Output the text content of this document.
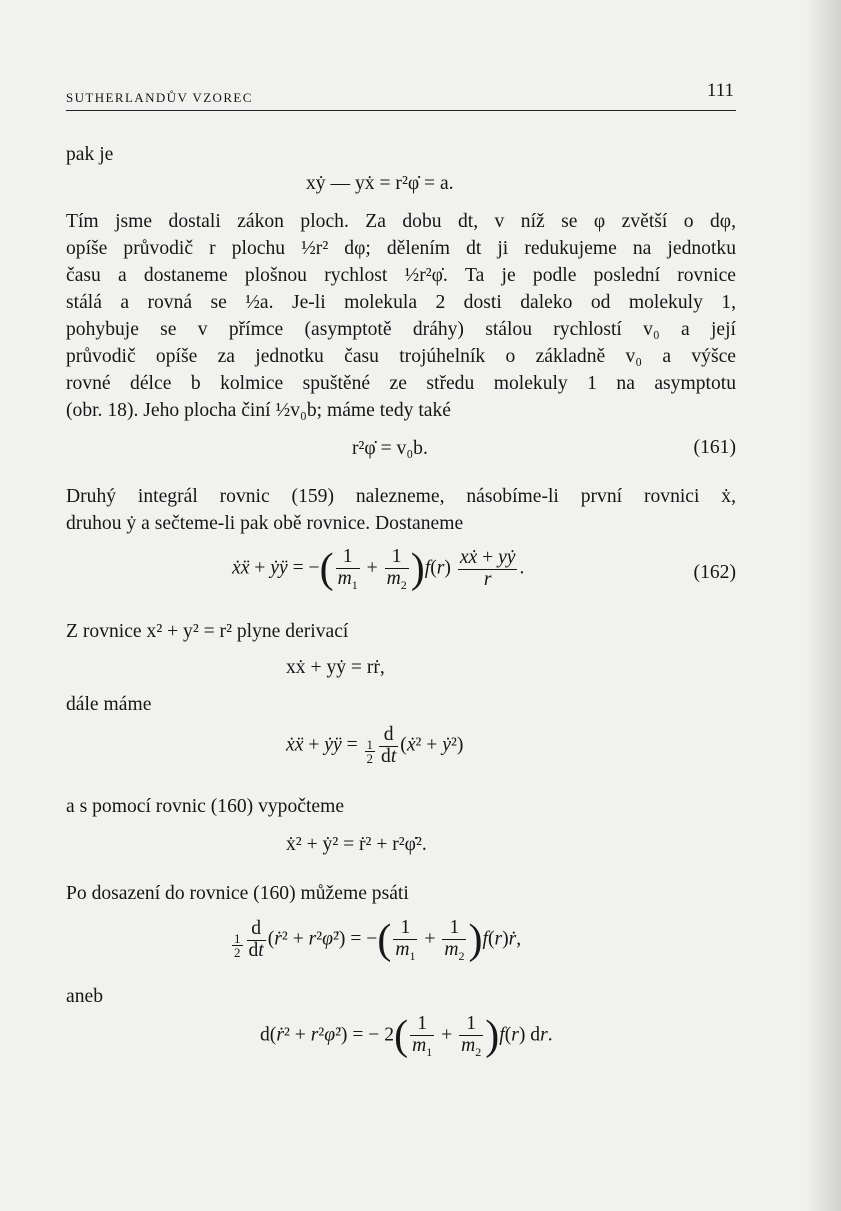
SUTHERLANDŮV VZOREC	111
pak je
xẏ — yẋ = r²φ̇ = a.
Tím jsme dostali zákon ploch. Za dobu dt, v níž se φ zvětší o dφ,
opíše průvodič r plochu ½r² dφ; dělením dt ji redukujeme na jednotku
času a dostaneme plošnou rychlost ½r²φ̇. Ta je podle poslední rovnice
stálá a rovná se ½a. Je-li molekula 2 dosti daleko od molekuly 1,
pohybuje se v přímce (asymptotě dráhy) stálou rychlostí v₀ a její
průvodič opíše za jednotku času trojúhelník o základně v₀ a výšce
rovné délce b kolmice spuštěné ze středu molekuly 1 na asymptotu
(obr. 18). Jeho plocha činí ½v₀b; máme tedy také
r²φ̇ = v₀b.	(161)
Druhý integrál rovnic (159) nalezneme, násobíme-li první rovnici ẋ,
druhou ẏ a sečteme-li pak obě rovnice. Dostaneme
ẋẍ + ẏÿ = −( $\frac{1}{m_1} + \frac{1}{m_2} )f(r) \frac{\text{xẋ + yẏ}}{r}$ .	(162)
Z rovnice x² + y² = r² plyne derivací
xẋ + yẏ = rṙ,
dále máme
ẋẍ + ẏÿ = $\frac{1}{2} \frac{d}{dt}$ (ẋ² + ẏ²)
a s pomocí rovnic (160) vypočteme
ẋ² + ẏ² = ṙ² + r²φ̇².
Po dosazení do rovnice (160) můžeme psáti
$\frac{1}{2} \frac{d}{dt}$ (ṙ² + r²φ̇²) = −( $\frac{1}{m_1} + \frac{1}{m_2}$ )f(r)ṙ,
aneb
d(ṙ² + r²φ̇²) = − $2( \frac{1}{m_1} + \frac{1}{m_2} )f(r)$ dr.
